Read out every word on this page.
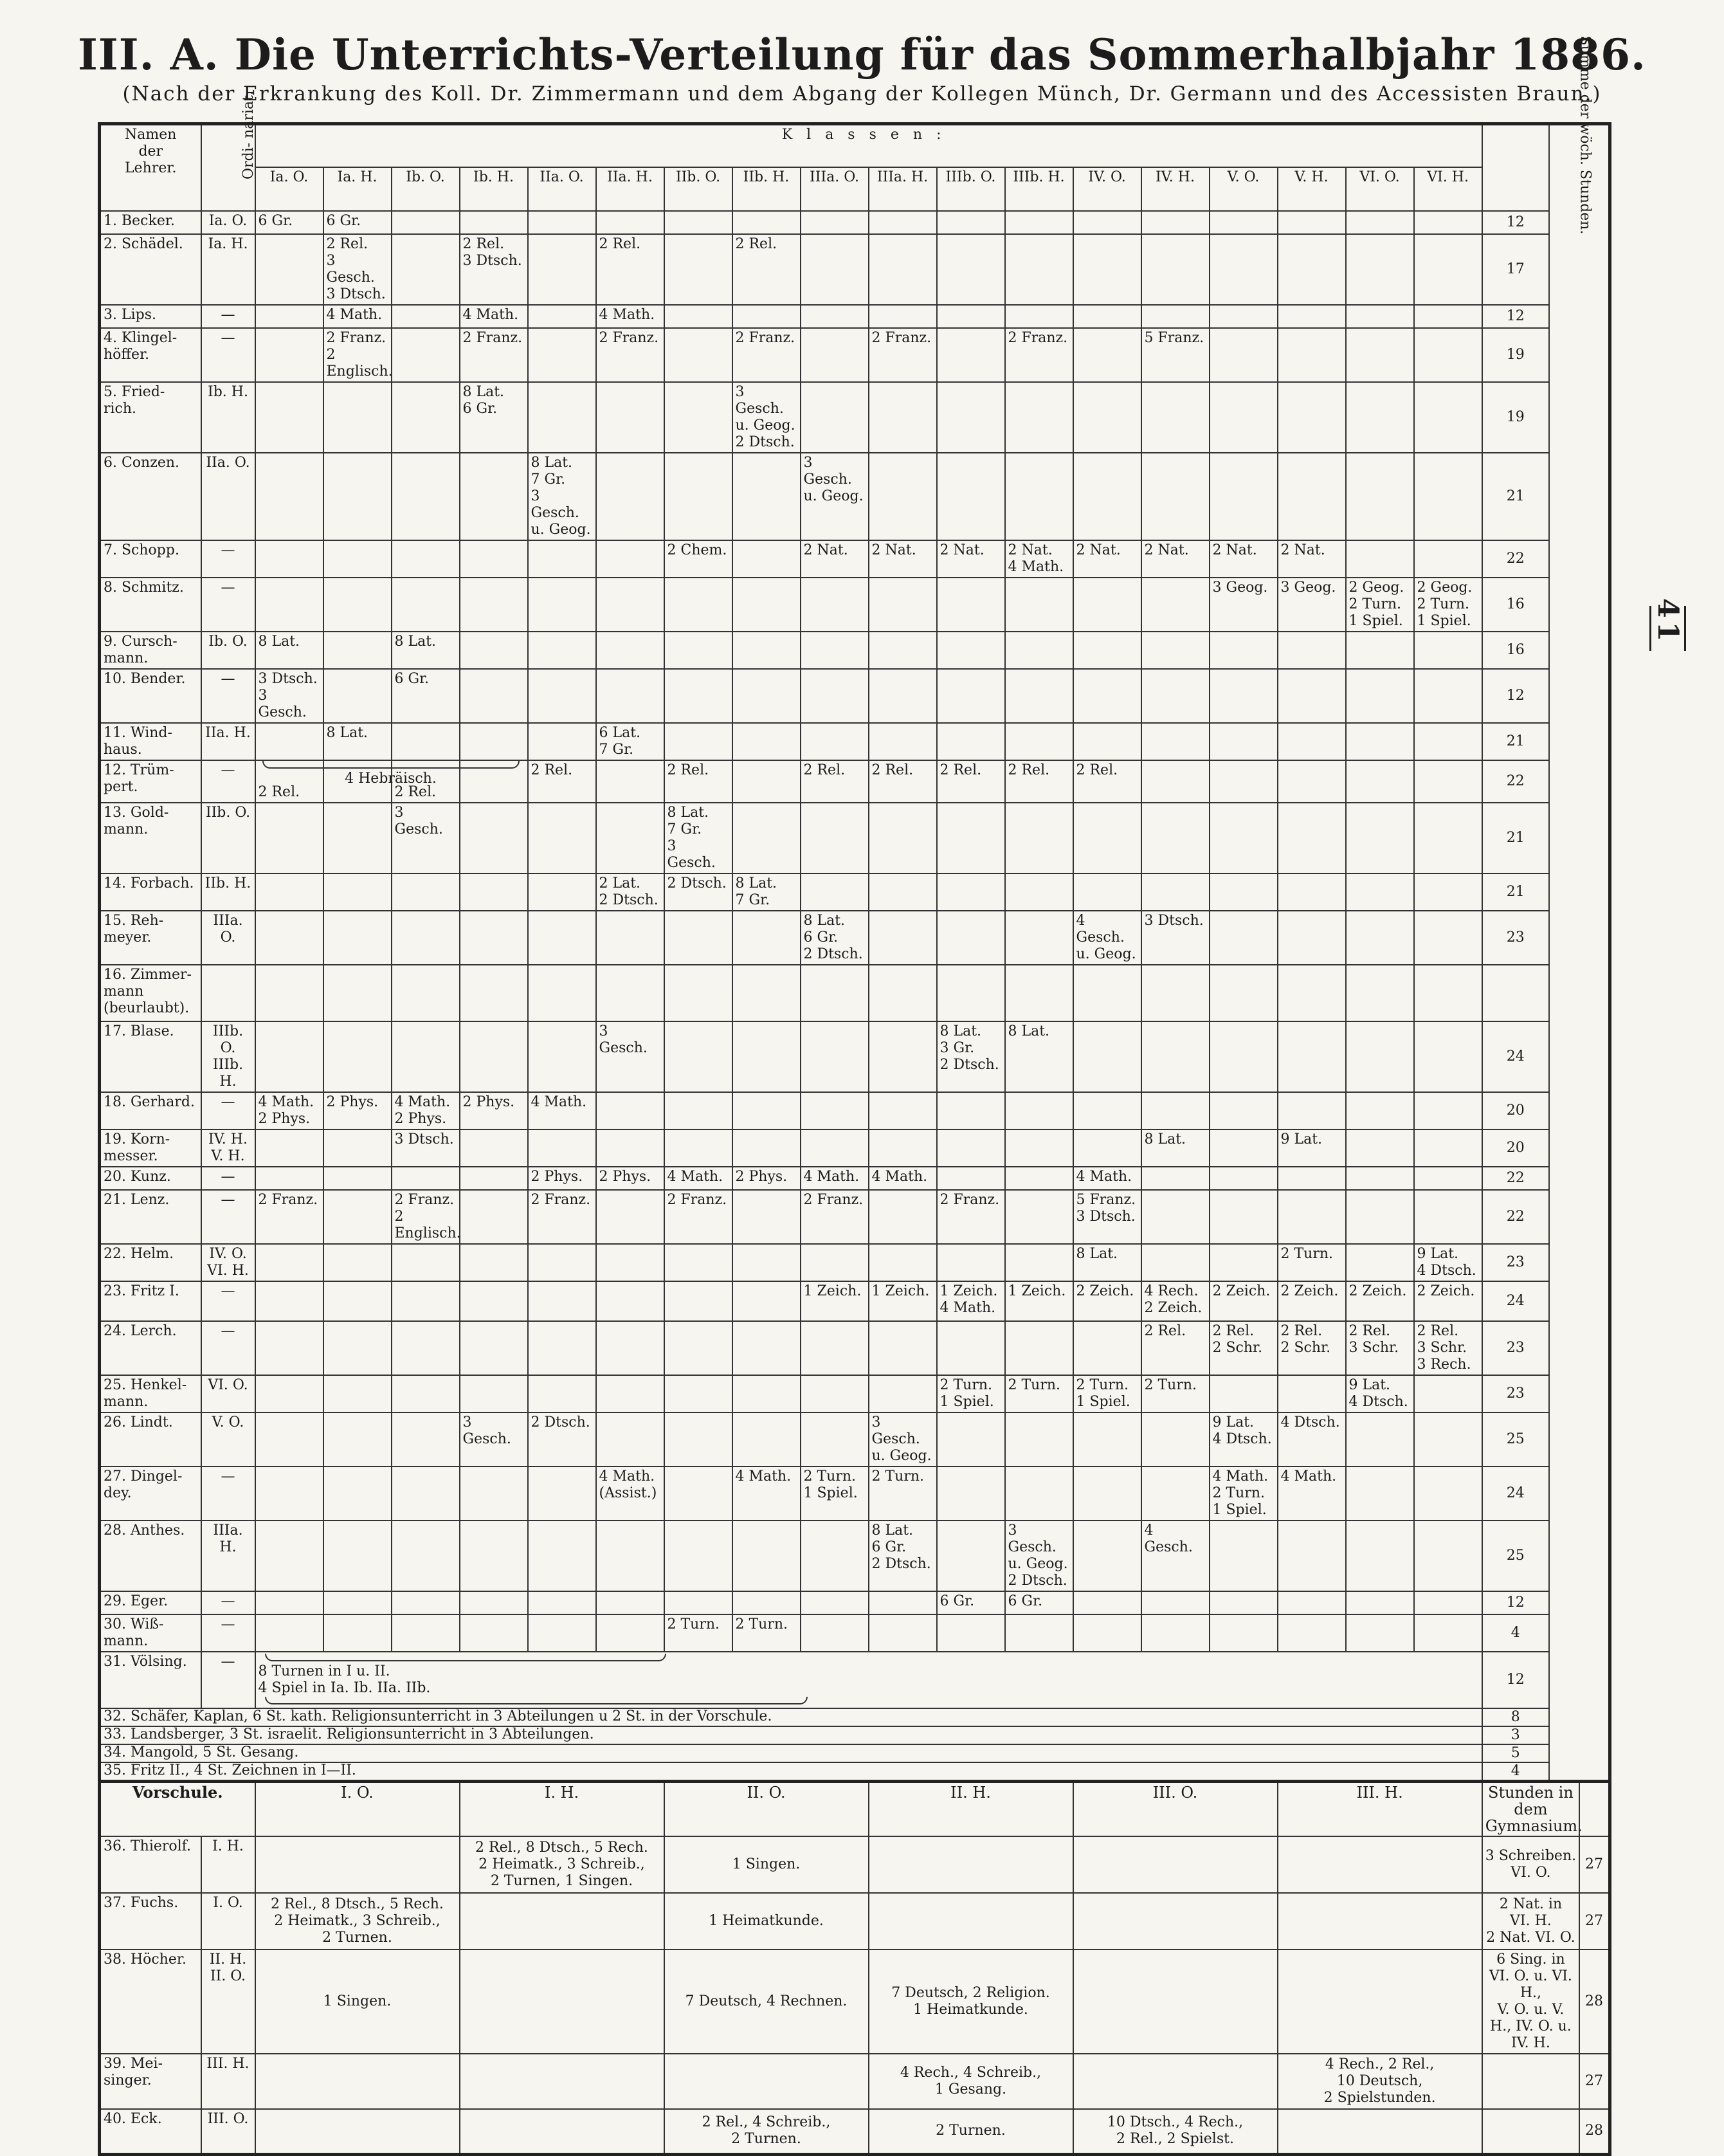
III. A. Die Unterrichts-Verteilung für das Sommerhalbjahr 1886.
(Nach der Erkrankung des Koll. Dr. Zimmermann und dem Abgang der Kollegen Münch, Dr. Germann und des Accessisten Braun.)
41
Namen
der
Lehrer.	Ordi- nariat.	Klassen:																		Summe der wöch. Stunden.	
		Ia. O.	Ia. H.	Ib. O.	Ib. H.	IIa. O.	IIa. H.	IIb. O.	IIb. H.	IIIa. O.	IIIa. H.	IIIb. O.	IIIb. H.	IV. O.	IV. H.	V. O.	V. H.	VI. O.	VI. H.		
1. Becker.	Ia. O.	6 Gr.	6 Gr.																	12	
2. Schädel.	Ia. H.		2 Rel.
3 Gesch.
3 Dtsch.		2 Rel.
3 Dtsch.		2 Rel.		2 Rel.											17	
3. Lips.	—		4 Math.		4 Math.		4 Math.													12	
4. Klingel-
höffer.	—		2 Franz.
2 Englisch.		2 Franz.		2 Franz.		2 Franz.		2 Franz.		2 Franz.		5 Franz.					19	
5. Fried-
rich.	Ib. H.				8 Lat.
6 Gr.				3 Gesch.
u. Geog.
2 Dtsch.											19	
6. Conzen.	IIa. O.					8 Lat.
7 Gr.
3 Gesch.
u. Geog.				3 Gesch.
u. Geog.										21	
7. Schopp.	—							2 Chem.		2 Nat.	2 Nat.	2 Nat.	2 Nat.
4 Math.	2 Nat.	2 Nat.	2 Nat.	2 Nat.			22	
8. Schmitz.	—															3 Geog.	3 Geog.	2 Geog.
2 Turn.
1 Spiel.	2 Geog.
2 Turn.
1 Spiel.	16	
9. Cursch-
mann.	Ib. O.	8 Lat.		8 Lat.																16	
10. Bender.	—	3 Dtsch.
3 Gesch.		6 Gr.																12	
11. Wind-
haus.	IIa. H.		8 Lat.				6 Lat.
7 Gr.													21	
12. Trüm-
pert.	—	2 Rel.
4 Hebräisch.		2 Rel.		2 Rel.		2 Rel.		2 Rel.	2 Rel.	2 Rel.	2 Rel.	2 Rel.						22	
13. Gold-
mann.	IIb. O.			3 Gesch.				8 Lat.
7 Gr.
3 Gesch.												21	
14. Forbach.	IIb. H.						2 Lat.
2 Dtsch.	2 Dtsch.	8 Lat.
7 Gr.											21	
15. Reh-
meyer.	IIIa. O.									8 Lat.
6 Gr.
2 Dtsch.				4 Gesch.
u. Geog.	3 Dtsch.					23	
16. Zimmer-
mann
(beurlaubt).																					
17. Blase.	IIIb. O.
IIIb. H.						3 Gesch.					8 Lat.
3 Gr.
2 Dtsch.	8 Lat.							24	
18. Gerhard.	—	4 Math.
2 Phys.	2 Phys.	4 Math.
2 Phys.	2 Phys.	4 Math.														20	
19. Korn-
messer.	IV. H.
V. H.			3 Dtsch.											8 Lat.		9 Lat.			20	
20. Kunz.	—					2 Phys.	2 Phys.	4 Math.	2 Phys.	4 Math.	4 Math.			4 Math.						22	
21. Lenz.	—	2 Franz.		2 Franz.
2 Englisch.		2 Franz.		2 Franz.		2 Franz.		2 Franz.		5 Franz.
3 Dtsch.						22	
22. Helm.	IV. O.
VI. H.													8 Lat.			2 Turn.		9 Lat.
4 Dtsch.	23	
23. Fritz I.	—									1 Zeich.	1 Zeich.	1 Zeich.
4 Math.	1 Zeich.	2 Zeich.	4 Rech.
2 Zeich.	2 Zeich.	2 Zeich.	2 Zeich.	2 Zeich.	24	
24. Lerch.	—														2 Rel.	2 Rel.
2 Schr.	2 Rel.
2 Schr.	2 Rel.
3 Schr.	2 Rel.
3 Schr.
3 Rech.	23	
25. Henkel-
mann.	VI. O.											2 Turn.
1 Spiel.	2 Turn.	2 Turn.
1 Spiel.	2 Turn.			9 Lat.
4 Dtsch.		23	
26. Lindt.	V. O.				3 Gesch.	2 Dtsch.					3 Gesch.
u. Geog.					9 Lat.
4 Dtsch.	4 Dtsch.			25	
27. Dingel-
dey.	—						4 Math.
(Assist.)		4 Math.	2 Turn.
1 Spiel.	2 Turn.					4 Math.
2 Turn.
1 Spiel.	4 Math.			24	
28. Anthes.	IIIa. H.										8 Lat.
6 Gr.
2 Dtsch.		3 Gesch.
u. Geog.
2 Dtsch.		4 Gesch.					25	
29. Eger.	—											6 Gr.	6 Gr.							12	
30. Wiß-
mann.	—							2 Turn.	2 Turn.											4	
31. Völsing.	—	8 Turnen in I u. II.
4 Spiel in Ia. Ib. IIa. IIb.																		12	
32. Schäfer, Kaplan, 6 St. kath. Religionsunterricht in 3 Abteilungen u 2 St. in der Vorschule.																				8	
33. Landsberger, 3 St. israelit. Religionsunterricht in 3 Abteilungen.																				3	
34. Mangold, 5 St. Gesang.																				5	
35. Fritz II., 4 St. Zeichnen in I—II.																				4	
Vorschule.		I. O.			I. H.			II. O.			II. H.			III. O.			III. H.			Stunden in dem Gymnasium.	
36. Thierolf.	I. H.				2 Rel., 8 Dtsch., 5 Rech.
2 Heimatk., 3 Schreib.,
2 Turnen, 1 Singen.			1 Singen.												3 Schreiben.
VI. O.	27
37. Fuchs.	I. O.	2 Rel., 8 Dtsch., 5 Rech.
2 Heimatk., 3 Schreib.,
2 Turnen.						1 Heimatkunde.												2 Nat. in
VI. H.
2 Nat. VI. O.	27
38. Höcher.	II. H.
II. O.	1 Singen.						7 Deutsch, 4 Rechnen.			7 Deutsch, 2 Religion.
1 Heimatkunde.									6 Sing. in VI. O. u. VI. H.,
V. O. u. V. H., IV. O. u. IV. H.	28
39. Mei-
singer.	III. H.										4 Rech., 4 Schreib.,
1 Gesang.						4 Rech., 2 Rel.,
10 Deutsch,
2 Spielstunden.				27
40. Eck.	III. O.							2 Rel., 4 Schreib.,
2 Turnen.			2 Turnen.			10 Dtsch., 4 Rech.,
2 Rel., 2 Spielst.							28
